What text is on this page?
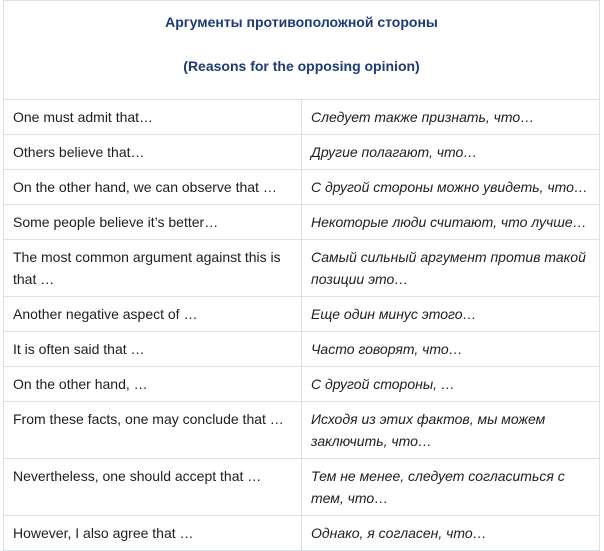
Аргументы противоположной стороны
(Reasons for the opposing opinion)	

One must admit that…	Следует также признать, что…
Others believe that…	Другие полагают, что…
On the other hand, we can observe that …	С другой стороны можно увидеть, что…
Some people believe it’s better…	Некоторые люди считают, что лучше…
The most common argument against this is that …	Самый сильный аргумент против такой позиции это…
Another negative aspect of …	Еще один минус этого…
It is often said that …	Часто говорят, что…
On the other hand, …	С другой стороны, …
From these facts, one may conclude that …	Исходя из этих фактов, мы можем заключить, что…
Nevertheless, one should accept that …	Тем не менее, следует согласиться с тем, что…
However, I also agree that …	Однако, я согласен, что…
